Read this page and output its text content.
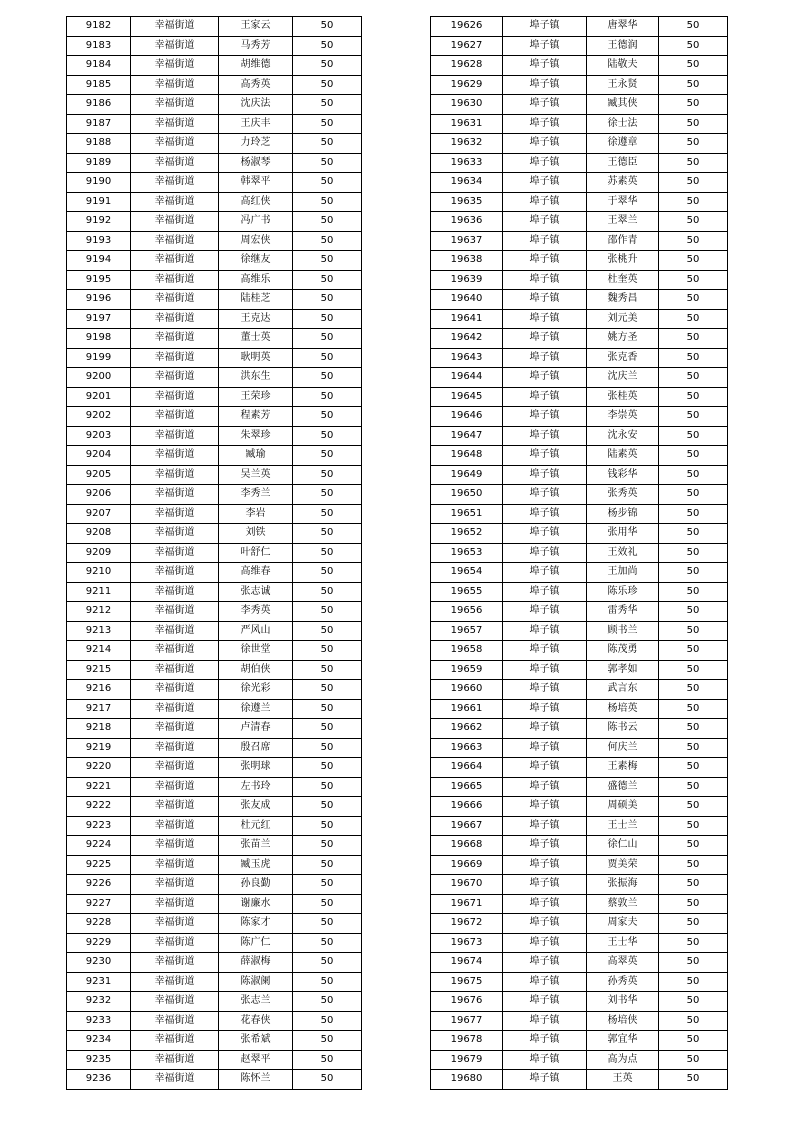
9182	幸福街道	王家云	50
9183	幸福街道	马秀芳	50
9184	幸福街道	胡维德	50
9185	幸福街道	高秀英	50
9186	幸福街道	沈庆法	50
9187	幸福街道	王庆丰	50
9188	幸福街道	力玲芝	50
9189	幸福街道	杨淑琴	50
9190	幸福街道	韩翠平	50
9191	幸福街道	高红侠	50
9192	幸福街道	冯广书	50
9193	幸福街道	周宏侠	50
9194	幸福街道	徐继友	50
9195	幸福街道	高维乐	50
9196	幸福街道	陆桂芝	50
9197	幸福街道	王克达	50
9198	幸福街道	董士英	50
9199	幸福街道	耿明英	50
9200	幸福街道	洪东生	50
9201	幸福街道	王荣珍	50
9202	幸福街道	程素芳	50
9203	幸福街道	朱翠珍	50
9204	幸福街道	臧瑜	50
9205	幸福街道	吴兰英	50
9206	幸福街道	李秀兰	50
9207	幸福街道	李岩	50
9208	幸福街道	刘铁	50
9209	幸福街道	叶舒仁	50
9210	幸福街道	高维春	50
9211	幸福街道	张志诚	50
9212	幸福街道	李秀英	50
9213	幸福街道	严风山	50
9214	幸福街道	徐世堂	50
9215	幸福街道	胡伯侠	50
9216	幸福街道	徐光彩	50
9217	幸福街道	徐遵兰	50
9218	幸福街道	卢清春	50
9219	幸福街道	殷召席	50
9220	幸福街道	张明球	50
9221	幸福街道	左书玲	50
9222	幸福街道	张友成	50
9223	幸福街道	杜元红	50
9224	幸福街道	张苗兰	50
9225	幸福街道	臧玉虎	50
9226	幸福街道	孙良勤	50
9227	幸福街道	谢廉水	50
9228	幸福街道	陈家才	50
9229	幸福街道	陈广仁	50
9230	幸福街道	薛淑梅	50
9231	幸福街道	陈淑阑	50
9232	幸福街道	张志兰	50
9233	幸福街道	花春侠	50
9234	幸福街道	张希斌	50
9235	幸福街道	赵翠平	50
9236	幸福街道	陈怀兰	50
19626	埠子镇	唐翠华	50
19627	埠子镇	王德润	50
19628	埠子镇	陆敬夫	50
19629	埠子镇	王永贤	50
19630	埠子镇	臧其侠	50
19631	埠子镇	徐士法	50
19632	埠子镇	徐遵章	50
19633	埠子镇	王德臣	50
19634	埠子镇	苏素英	50
19635	埠子镇	于翠华	50
19636	埠子镇	王翠兰	50
19637	埠子镇	邵作青	50
19638	埠子镇	张桃升	50
19639	埠子镇	杜奎英	50
19640	埠子镇	魏秀昌	50
19641	埠子镇	刘元美	50
19642	埠子镇	姚方圣	50
19643	埠子镇	张克香	50
19644	埠子镇	沈庆兰	50
19645	埠子镇	张桂英	50
19646	埠子镇	李崇英	50
19647	埠子镇	沈永安	50
19648	埠子镇	陆素英	50
19649	埠子镇	钱彩华	50
19650	埠子镇	张秀英	50
19651	埠子镇	杨步锦	50
19652	埠子镇	张用华	50
19653	埠子镇	王效礼	50
19654	埠子镇	王加尚	50
19655	埠子镇	陈乐珍	50
19656	埠子镇	雷秀华	50
19657	埠子镇	顾书兰	50
19658	埠子镇	陈茂勇	50
19659	埠子镇	郭孝如	50
19660	埠子镇	武言东	50
19661	埠子镇	杨培英	50
19662	埠子镇	陈书云	50
19663	埠子镇	何庆兰	50
19664	埠子镇	王素梅	50
19665	埠子镇	盛德兰	50
19666	埠子镇	周硕美	50
19667	埠子镇	王士兰	50
19668	埠子镇	徐仁山	50
19669	埠子镇	贾美荣	50
19670	埠子镇	张振海	50
19671	埠子镇	蔡敦兰	50
19672	埠子镇	周家夫	50
19673	埠子镇	王士华	50
19674	埠子镇	高翠英	50
19675	埠子镇	孙秀英	50
19676	埠子镇	刘书华	50
19677	埠子镇	杨培侠	50
19678	埠子镇	郭宜华	50
19679	埠子镇	高为点	50
19680	埠子镇	王英	50
